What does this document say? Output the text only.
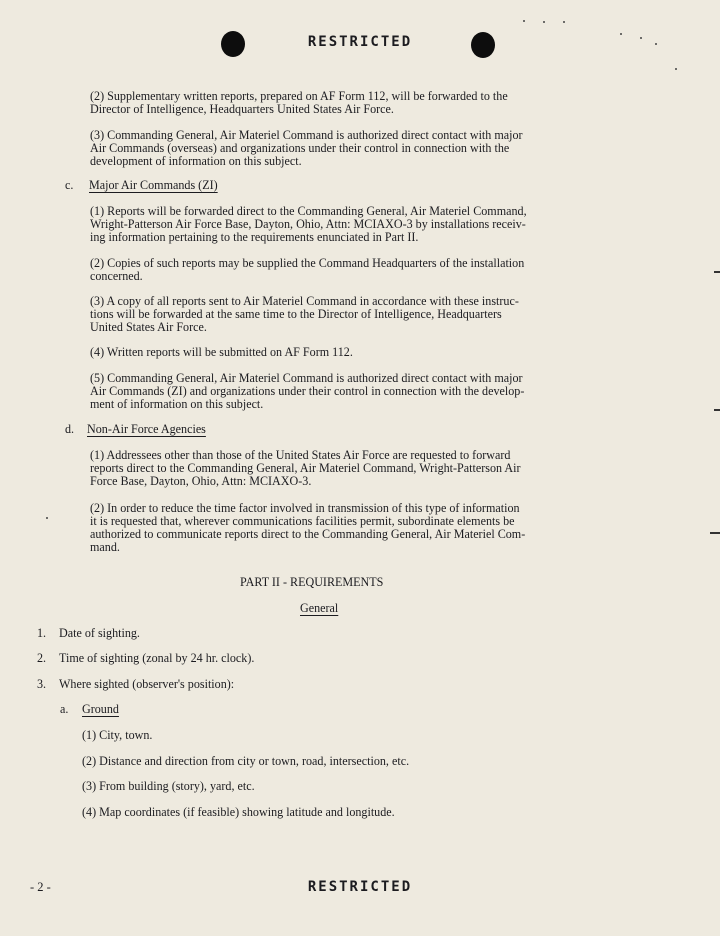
RESTRICTED
(2) Supplementary written reports, prepared on AF Form 112, will be forwarded to the
Director of Intelligence, Headquarters United States Air Force.
(3) Commanding General, Air Materiel Command is authorized direct contact with major
Air Commands (overseas) and organizations under their control in connection with the
development of information on this subject.
c. Major Air Commands (ZI)
(1) Reports will be forwarded direct to the Commanding General, Air Materiel Command,
Wright-Patterson Air Force Base, Dayton, Ohio, Attn: MCIAXO-3 by installations receiv-
ing information pertaining to the requirements enunciated in Part II.
(2) Copies of such reports may be supplied the Command Headquarters of the installation
concerned.
(3) A copy of all reports sent to Air Materiel Command in accordance with these instruc-
tions will be forwarded at the same time to the Director of Intelligence, Headquarters
United States Air Force.
(4) Written reports will be submitted on AF Form 112.
(5) Commanding General, Air Materiel Command is authorized direct contact with major
Air Commands (ZI) and organizations under their control in connection with the develop-
ment of information on this subject.
d. Non-Air Force Agencies
(1) Addressees other than those of the United States Air Force are requested to forward
reports direct to the Commanding General, Air Materiel Command, Wright-Patterson Air
Force Base, Dayton, Ohio, Attn: MCIAXO-3.
(2) In order to reduce the time factor involved in transmission of this type of information
it is requested that, wherever communications facilities permit, subordinate elements be
authorized to communicate reports direct to the Commanding General, Air Materiel Com-
mand.
PART II - REQUIREMENTS
General
1. Date of sighting.
2. Time of sighting (zonal by 24 hr. clock).
3. Where sighted (observer's position):
a. Ground
(1) City, town.
(2) Distance and direction from city or town, road, intersection, etc.
(3) From building (story), yard, etc.
(4) Map coordinates (if feasible) showing latitude and longitude.
- 2 -	RESTRICTED
